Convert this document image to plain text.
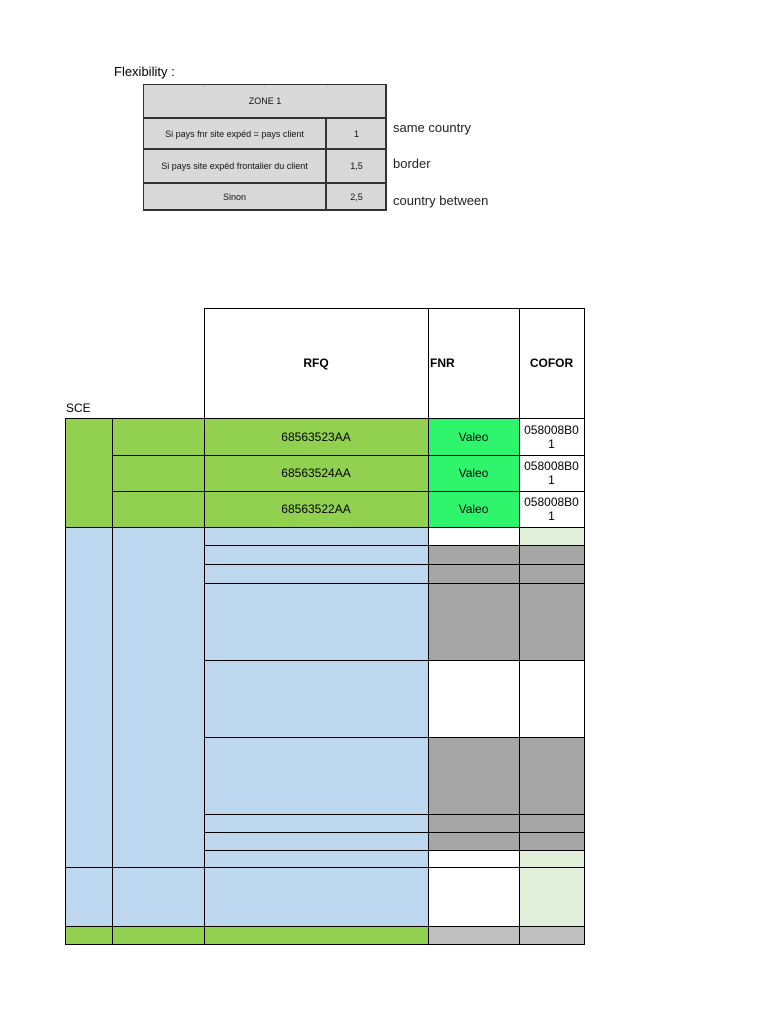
Flexibility :
ZONE 1
Si pays fnr site expéd = pays client	1
Si pays site expéd frontalier du client	1,5
Sinon	2,5
same country
border
country between
SCE
RFQ	FNR	COFOR
68563523AA	Valeo	058008B01
68563524AA	Valeo	058008B01
68563522AA	Valeo	058008B01
